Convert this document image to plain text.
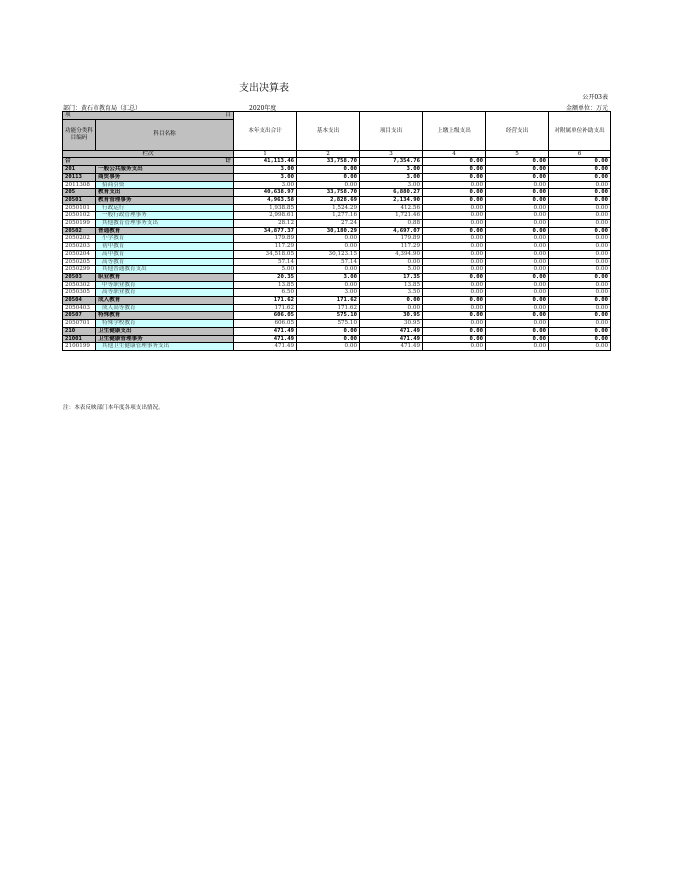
支出决算表
公开03表
部门：黄石市教育局（汇总）	2020年度	金额单位：万元
项 目		本年支出合计	基本支出	项目支出	上缴上级支出	经营支出	对附属单位补助支出
功能分类科目编码	科目名称						

栏次		1	2	3	4	5	6
合 计		41,113.46	33,758.70	7,354.76	0.00	0.00	0.00
201	一般公共服务支出	3.00	0.00	3.00	0.00	0.00	0.00
20113	商贸事务	3.00	0.00	3.00	0.00	0.00	0.00
2011308	招商引资	3.00	0.00	3.00	0.00	0.00	0.00
205	教育支出	40,638.97	33,758.70	6,880.27	0.00	0.00	0.00
20501	教育管理事务	4,963.58	2,828.69	2,134.90	0.00	0.00	0.00
2050101	行政运行	1,938.85	1,524.29	412.56	0.00	0.00	0.00
2050102	一般行政管理事务	2,998.61	1,277.16	1,721.46	0.00	0.00	0.00
2050199	其他教育管理事务支出	28.12	27.24	0.88	0.00	0.00	0.00
20502	普通教育	34,877.37	30,180.29	4,697.07	0.00	0.00	0.00
2050202	小学教育	179.89	0.00	179.89	0.00	0.00	0.00
2050203	初中教育	117.29	0.00	117.29	0.00	0.00	0.00
2050204	高中教育	34,518.05	30,123.15	4,394.90	0.00	0.00	0.00
2050205	高等教育	57.14	57.14	0.00	0.00	0.00	0.00
2050299	其他普通教育支出	5.00	0.00	5.00	0.00	0.00	0.00
20503	职业教育	20.35	3.00	17.35	0.00	0.00	0.00
2050302	中等职业教育	13.85	0.00	13.85	0.00	0.00	0.00
2050305	高等职业教育	6.50	3.00	3.50	0.00	0.00	0.00
20504	成人教育	171.62	171.62	0.00	0.00	0.00	0.00
2050403	成人高等教育	171.62	171.62	0.00	0.00	0.00	0.00
20507	特殊教育	606.05	575.10	30.95	0.00	0.00	0.00
2050701	特殊学校教育	606.05	575.10	30.95	0.00	0.00	0.00
210	卫生健康支出	471.49	0.00	471.49	0.00	0.00	0.00
21001	卫生健康管理事务	471.49	0.00	471.49	0.00	0.00	0.00
2100199	其他卫生健康管理事务支出	471.49	0.00	471.49	0.00	0.00	0.00
注：本表反映部门本年度各项支出情况。
